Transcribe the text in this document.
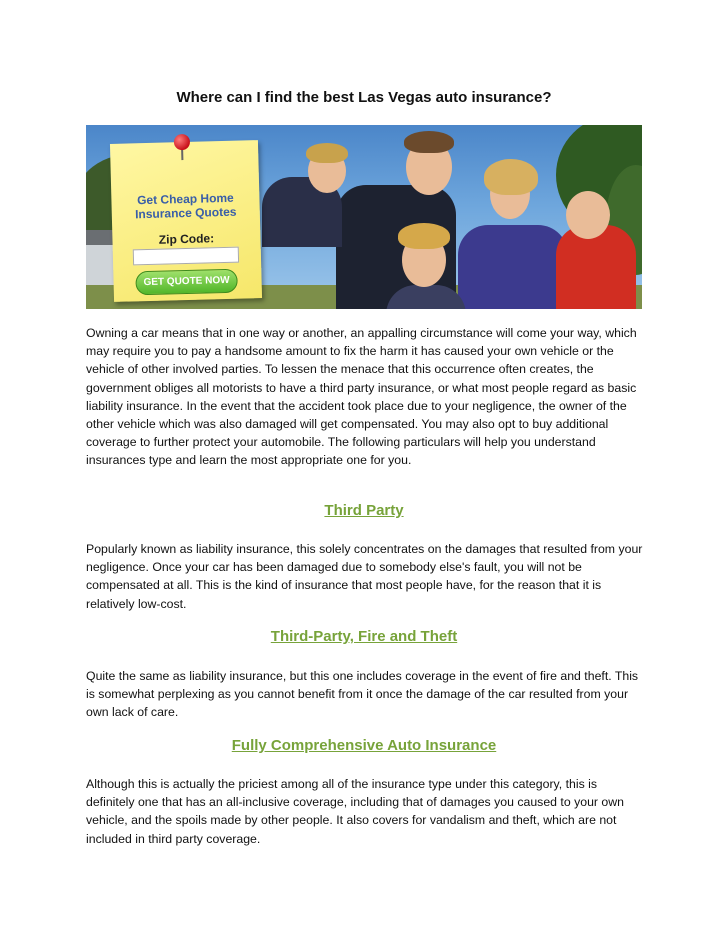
Where can I find the best Las Vegas auto insurance?
Get Cheap Home
Insurance Quotes
Zip Code:
GET QUOTE NOW
Owning a car means that in one way or another, an appalling circumstance will come your way, which may require you to pay a handsome amount to fix the harm it has caused your own vehicle or the vehicle of other involved parties. To lessen the menace that this occurrence often creates, the government obliges all motorists to have a third party insurance, or what most people regard as basic liability insurance. In the event that the accident took place due to your negligence, the owner of the other vehicle which was also damaged will get compensated. You may also opt to buy additional coverage to further protect your automobile. The following particulars will help you understand insurances type and learn the most appropriate one for you.
Third Party
Popularly known as liability insurance, this solely concentrates on the damages that resulted from your negligence. Once your car has been damaged due to somebody else's fault, you will not be compensated at all. This is the kind of insurance that most people have, for the reason that it is relatively low-cost.
Third-Party, Fire and Theft
Quite the same as liability insurance, but this one includes coverage in the event of fire and theft. This is somewhat perplexing as you cannot benefit from it once the damage of the car resulted from your own lack of care.
Fully Comprehensive Auto Insurance
Although this is actually the priciest among all of the insurance type under this category, this is definitely one that has an all-inclusive coverage, including that of damages you caused to your own vehicle, and the spoils made by other people. It also covers for vandalism and theft, which are not included in third party coverage.
